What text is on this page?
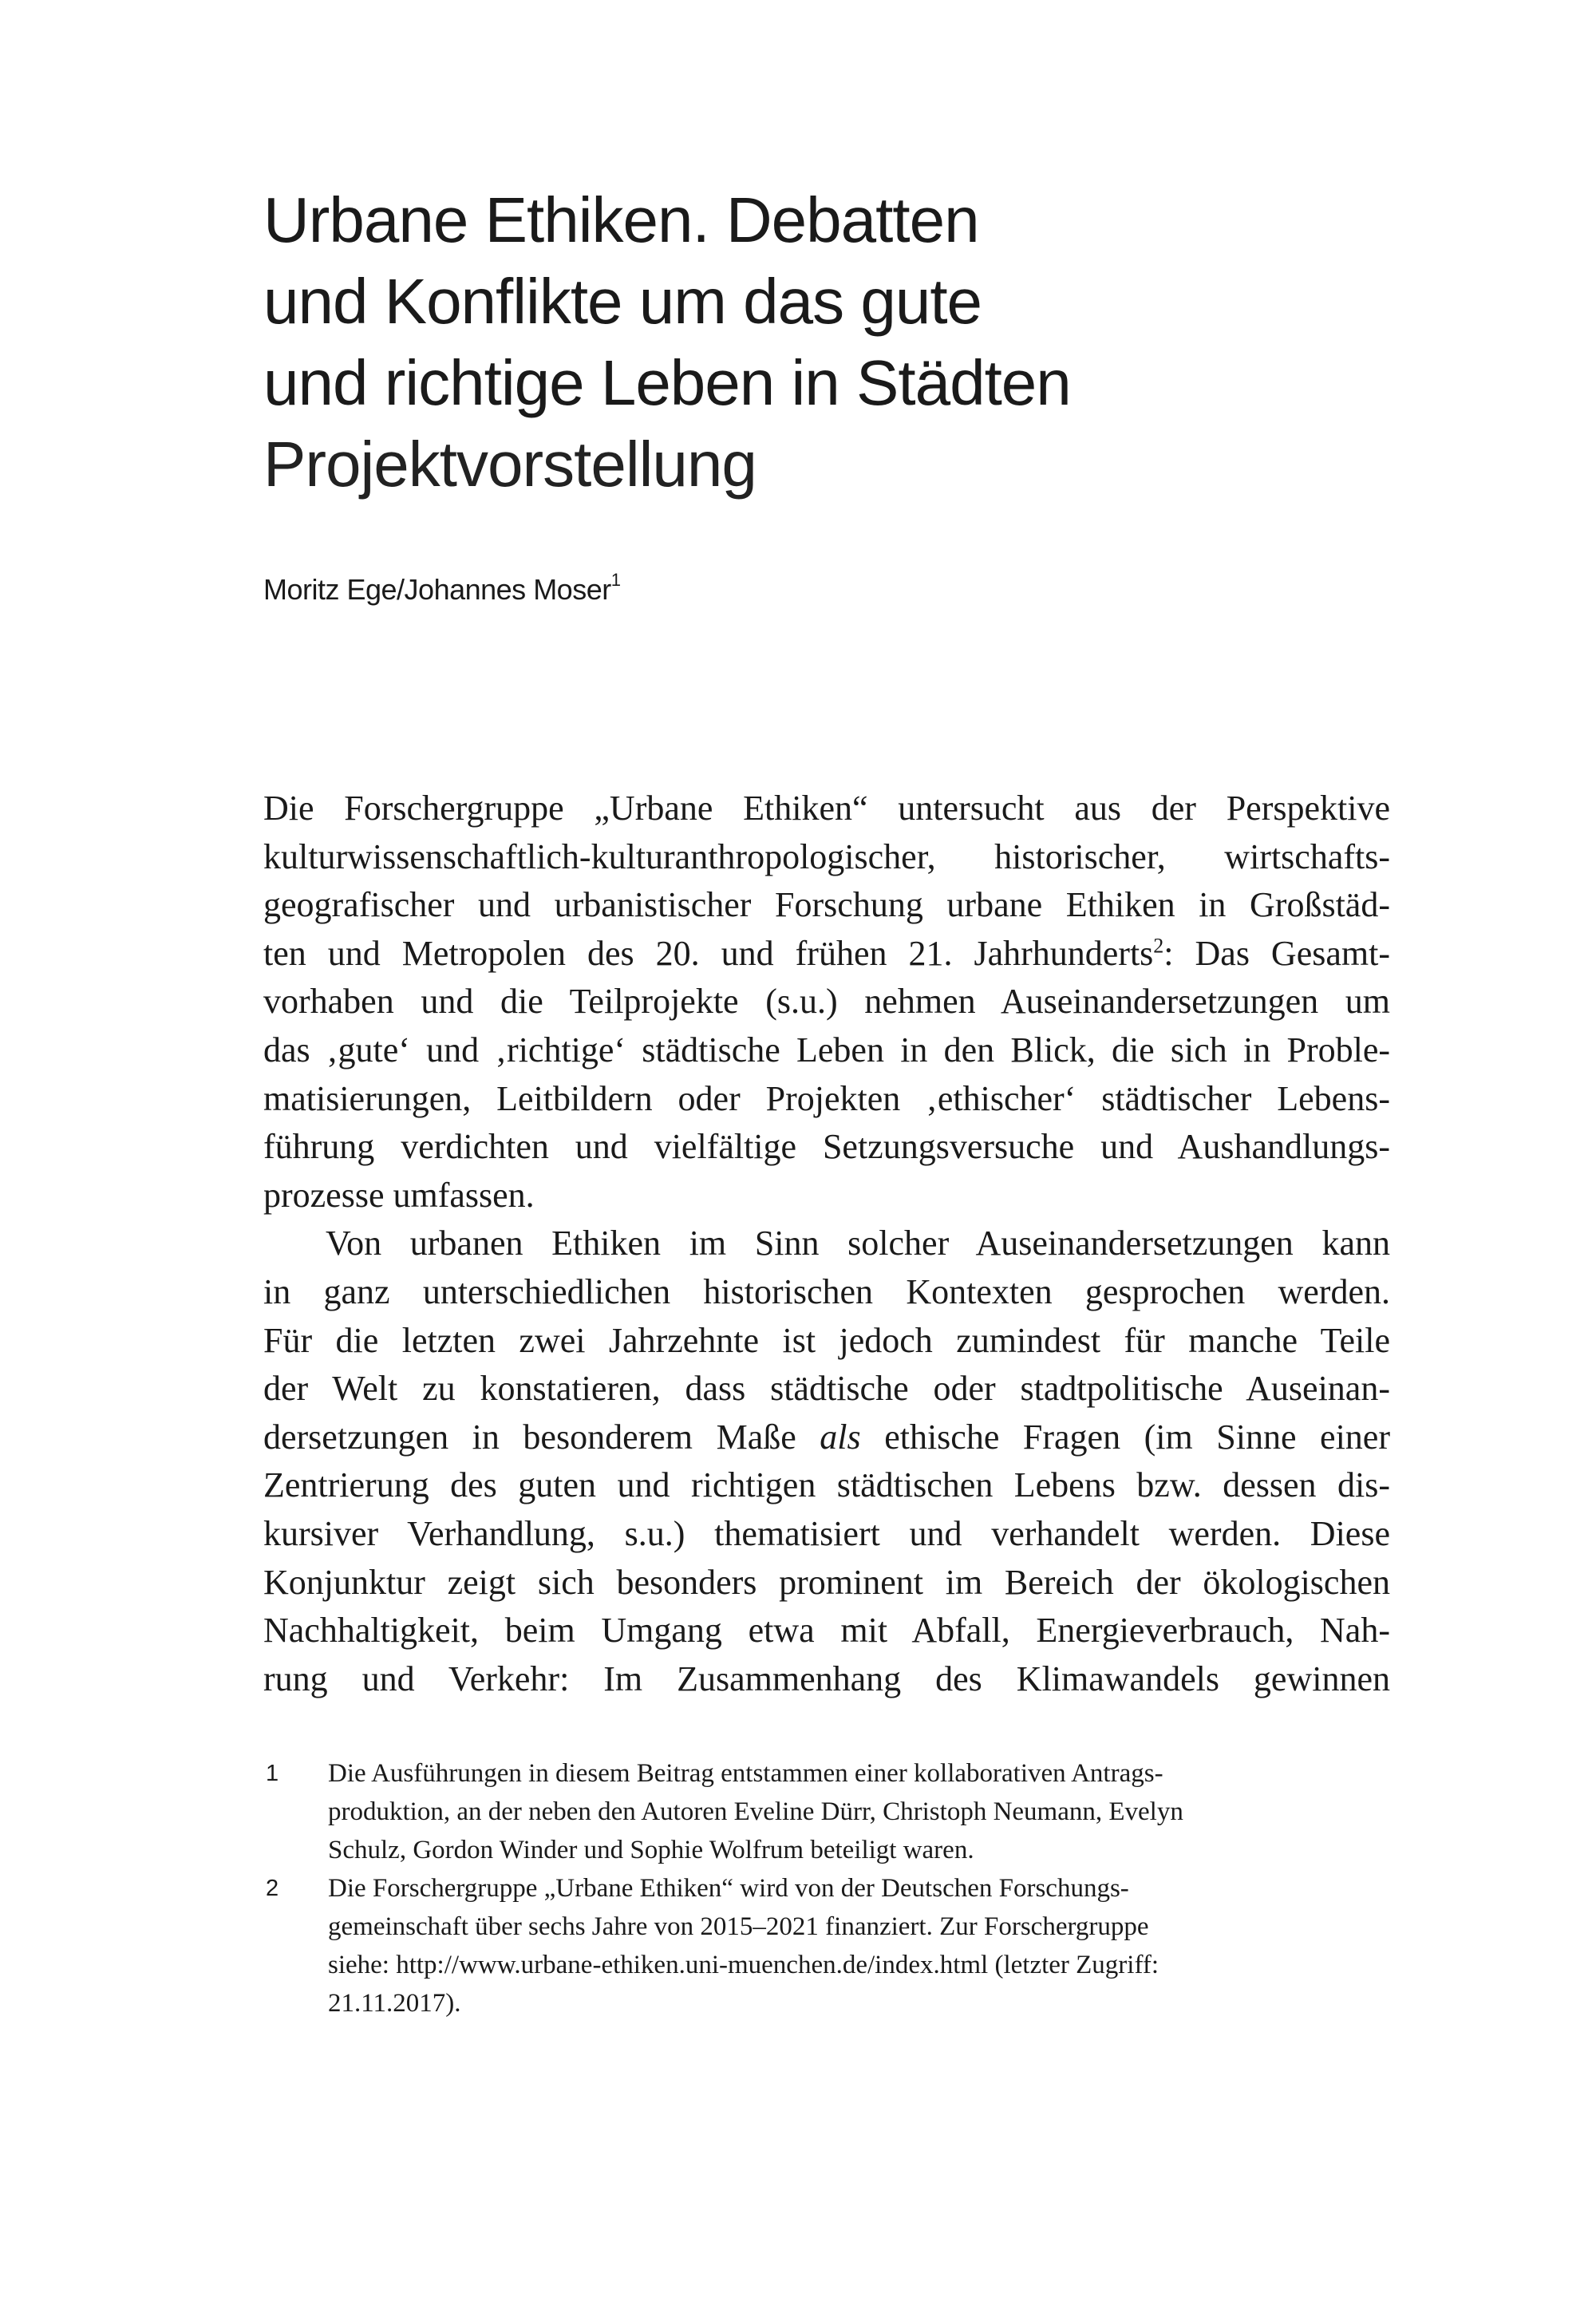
Urbane Ethiken. Debatten
und Konflikte um das gute
und richtige Leben in Städten
Projektvorstellung
Moritz Ege/Johannes Moser$^1$
Die Forschergruppe „Urbane Ethiken“ untersucht aus der Perspektive
kulturwissenschaftlich-kulturanthropologischer, historischer, wirtschafts-
geografischer und urbanistischer Forschung urbane Ethiken in Großstäd-
ten und Metropolen des 20. und frühen 21. Jahrhunderts$^2$: Das Gesamt-
vorhaben und die Teilprojekte (s.u.) nehmen Auseinandersetzungen um
das ‚gute‘ und ‚richtige‘ städtische Leben in den Blick, die sich in Proble-
matisierungen, Leitbildern oder Projekten ‚ethischer‘ städtischer Lebens-
führung verdichten und vielfältige Setzungsversuche und Aushandlungs-
prozesse umfassen.
Von urbanen Ethiken im Sinn solcher Auseinandersetzungen kann
in ganz unterschiedlichen historischen Kontexten gesprochen werden.
Für die letzten zwei Jahrzehnte ist jedoch zumindest für manche Teile
der Welt zu konstatieren, dass städtische oder stadtpolitische Auseinan-
dersetzungen in besonderem Maße als ethische Fragen (im Sinne einer
Zentrierung des guten und richtigen städtischen Lebens bzw. dessen dis-
kursiver Verhandlung, s.u.) thematisiert und verhandelt werden. Diese
Konjunktur zeigt sich besonders prominent im Bereich der ökologischen
Nachhaltigkeit, beim Umgang etwa mit Abfall, Energieverbrauch, Nah-
rung und Verkehr: Im Zusammenhang des Klimawandels gewinnen
1 Die Ausführungen in diesem Beitrag entstammen einer kollaborativen Antrags-
produktion, an der neben den Autoren Eveline Dürr, Christoph Neumann, Evelyn
Schulz, Gordon Winder und Sophie Wolfrum beteiligt waren.
2 Die Forschergruppe „Urbane Ethiken“ wird von der Deutschen Forschungs-
gemeinschaft über sechs Jahre von 2015–2021 finanziert. Zur Forschergruppe
siehe: http://www.urbane-ethiken.uni-muenchen.de/index.html (letzter Zugriff:
21.11.2017).
